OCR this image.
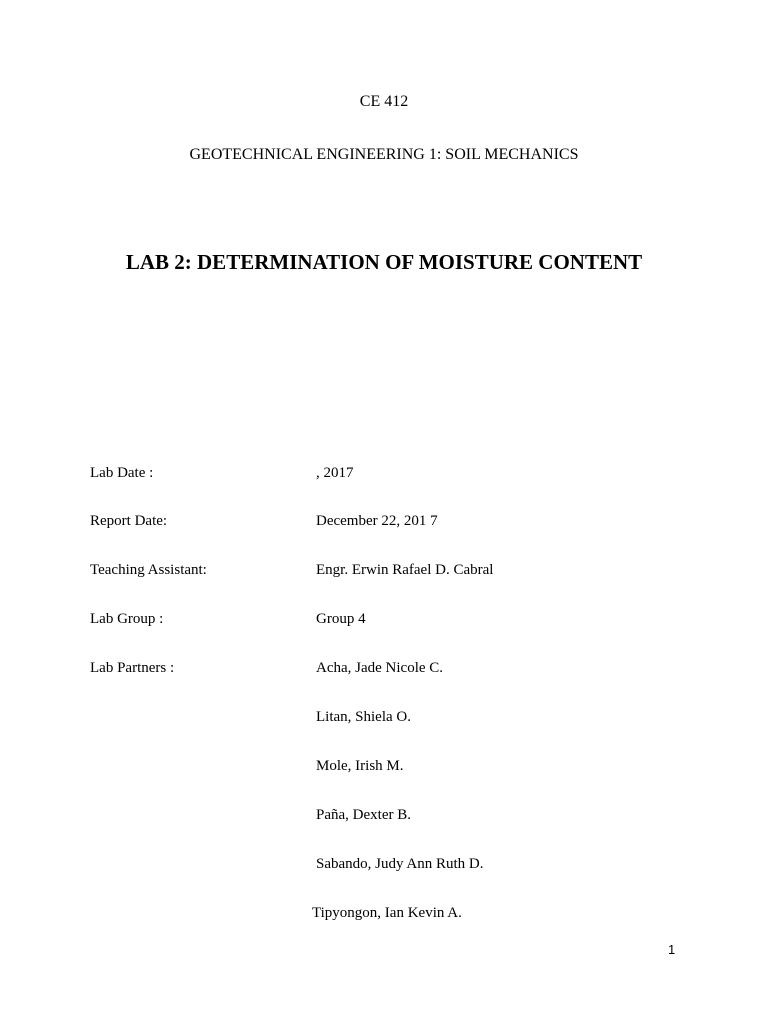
CE 412
GEOTECHNICAL ENGINEERING 1: SOIL MECHANICS
LAB 2: DETERMINATION OF MOISTURE CONTENT
Lab Date :	, 2017
Report Date:	December 22, 201 7
Teaching Assistant:	Engr. Erwin Rafael D. Cabral
Lab Group :	Group 4
Lab Partners :	Acha, Jade Nicole C.
Litan, Shiela O.
Mole, Irish M.
Paña, Dexter B.
Sabando, Judy Ann Ruth D.
Tipyongon, Ian Kevin A.
1
